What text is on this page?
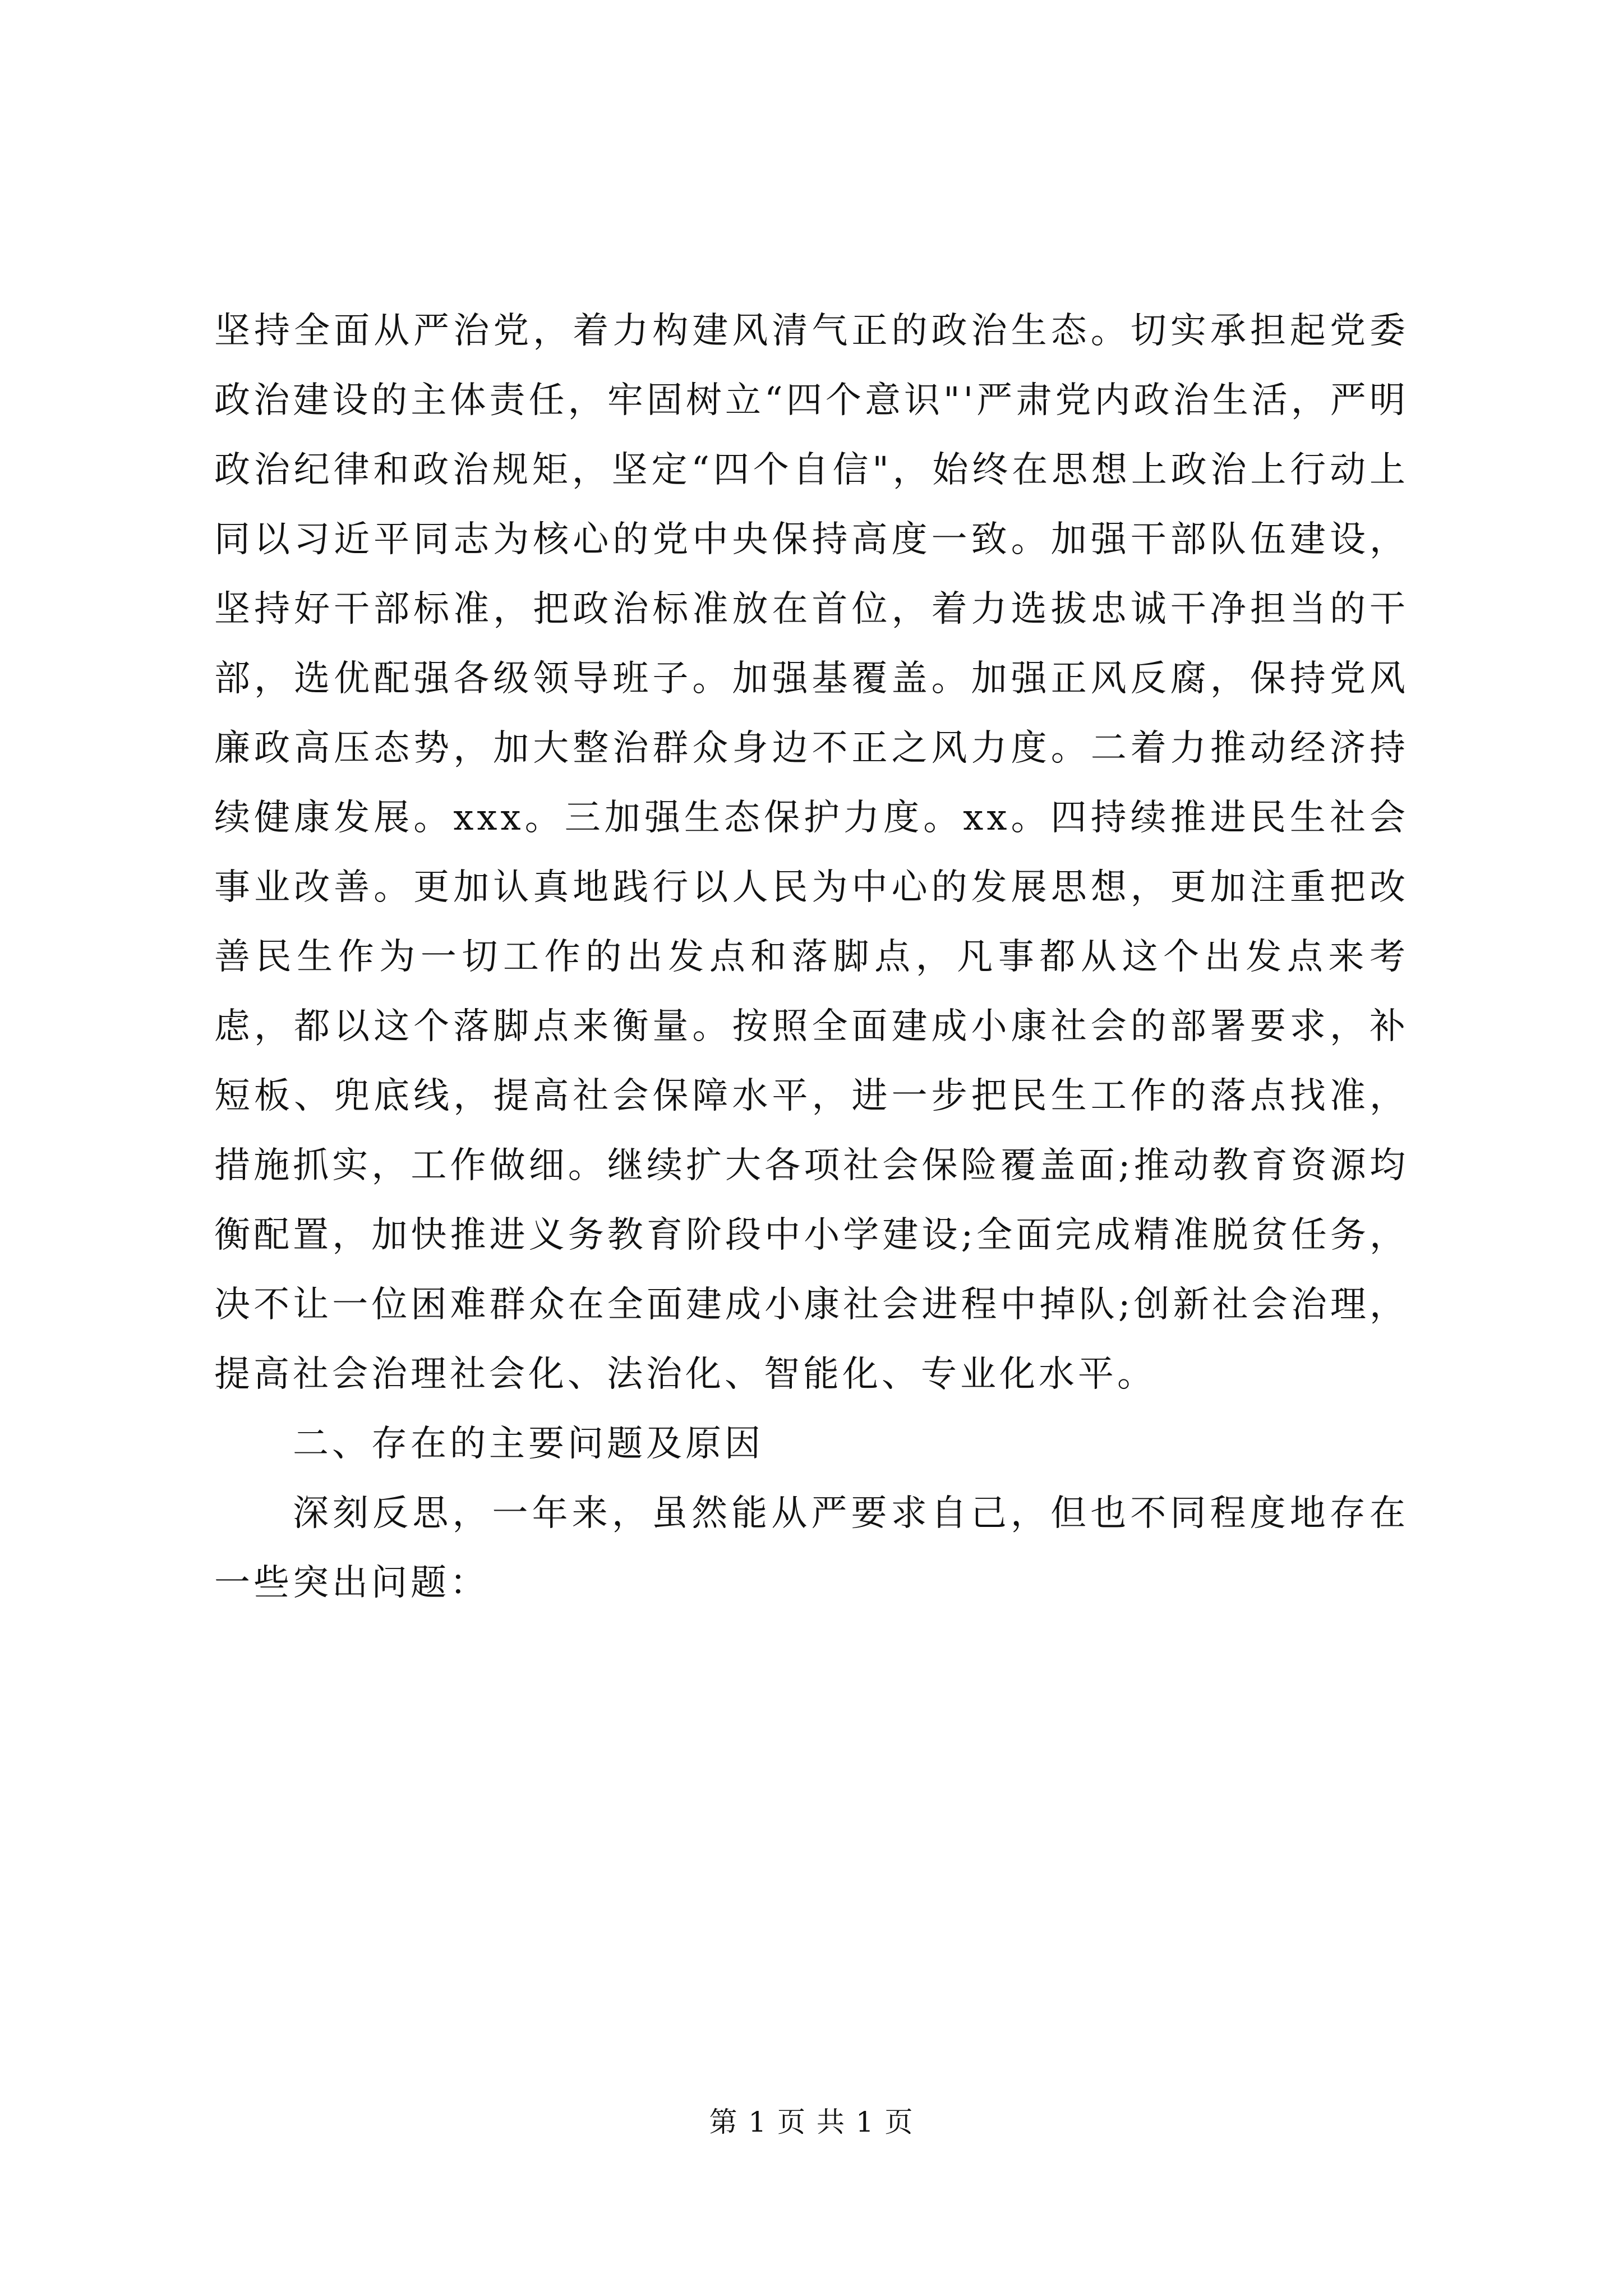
坚持全面从严治党，着力构建风清气正的政治生态。切实承担起党委政治建设的主体责任，牢固树立“四个意识"'严肃党内政治生活，严明政治纪律和政治规矩，坚定“四个自信"，始终在思想上政治上行动上同以习近平同志为核心的党中央保持高度一致。加强干部队伍建设，坚持好干部标准，把政治标准放在首位，着力选拔忠诚干净担当的干部，选优配强各级领导班子。加强基覆盖。加强正风反腐，保持党风廉政高压态势，加大整治群众身边不正之风力度。二着力推动经济持续健康发展。xxx。三加强生态保护力度。xx。四持续推进民生社会事业改善。更加认真地践行以人民为中心的发展思想，更加注重把改善民生作为一切工作的出发点和落脚点，凡事都从这个出发点来考虑，都以这个落脚点来衡量。按照全面建成小康社会的部署要求，补短板、兜底线，提高社会保障水平，进一步把民生工作的落点找准，措施抓实，工作做细。继续扩大各项社会保险覆盖面;推动教育资源均衡配置，加快推进义务教育阶段中小学建设;全面完成精准脱贫任务，决不让一位困难群众在全面建成小康社会进程中掉队;创新社会治理，提高社会治理社会化、法治化、智能化、专业化水平。

二、存在的主要问题及原因

深刻反思，一年来，虽然能从严要求自己，但也不同程度地存在一些突出问题：

第 1 页 共 1 页
